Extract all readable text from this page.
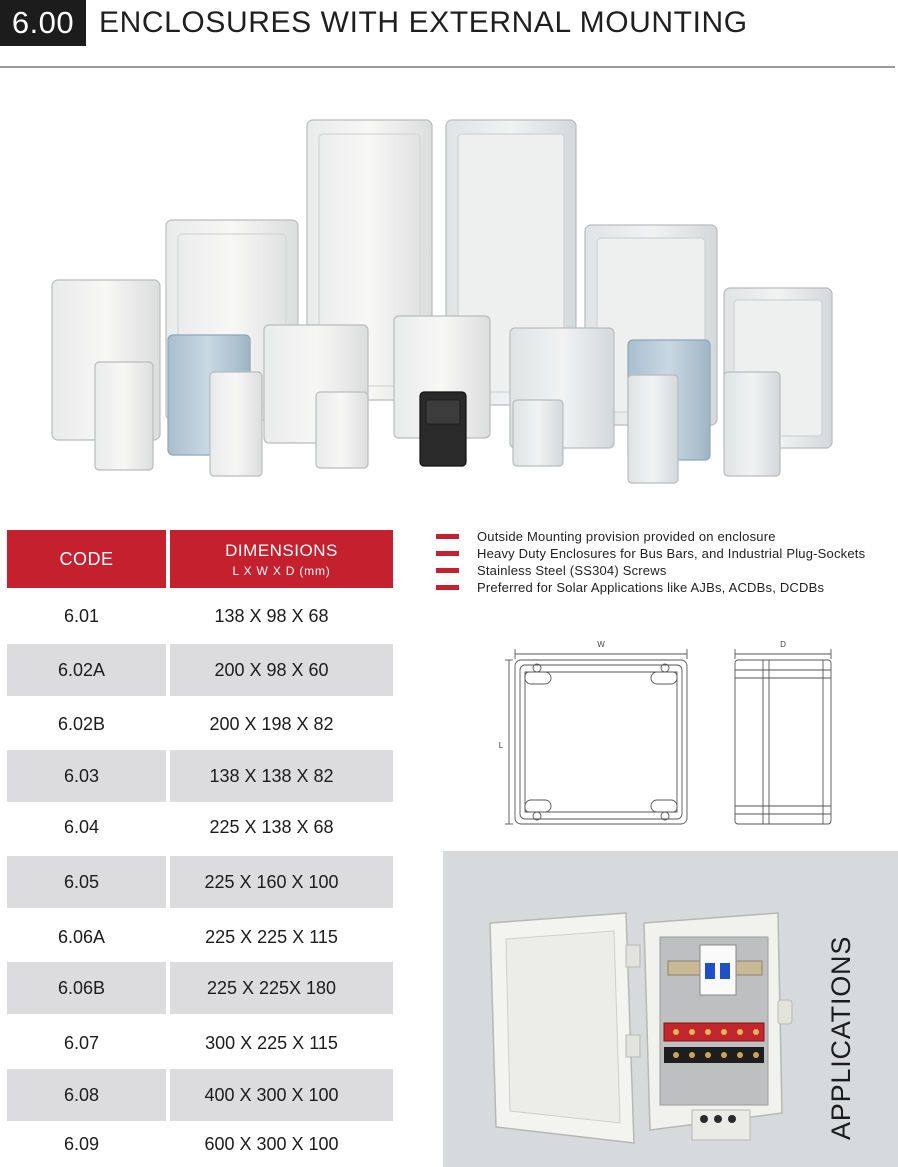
6.00 ENCLOSURES WITH EXTERNAL MOUNTING
CODE	DIMENSIONS
L X W X D (mm)
6.01	138 X 98 X 68
6.02A	200 X 98 X 60
6.02B	200 X 198 X 82
6.03	138 X 138 X 82
6.04	225 X 138 X 68
6.05	225 X 160 X 100
6.06A	225 X 225 X 115
6.06B	225 X 225X 180
6.07	300 X 225 X 115
6.08	400 X 300 X 100
6.09	600 X 300 X 100
Outside Mounting provision provided on enclosure
Heavy Duty Enclosures for Bus Bars, and Industrial Plug-Sockets
Stainless Steel (SS304) Screws
Preferred for Solar Applications like AJBs, ACDBs, DCDBs
W	D
L
APPLICATIONS
